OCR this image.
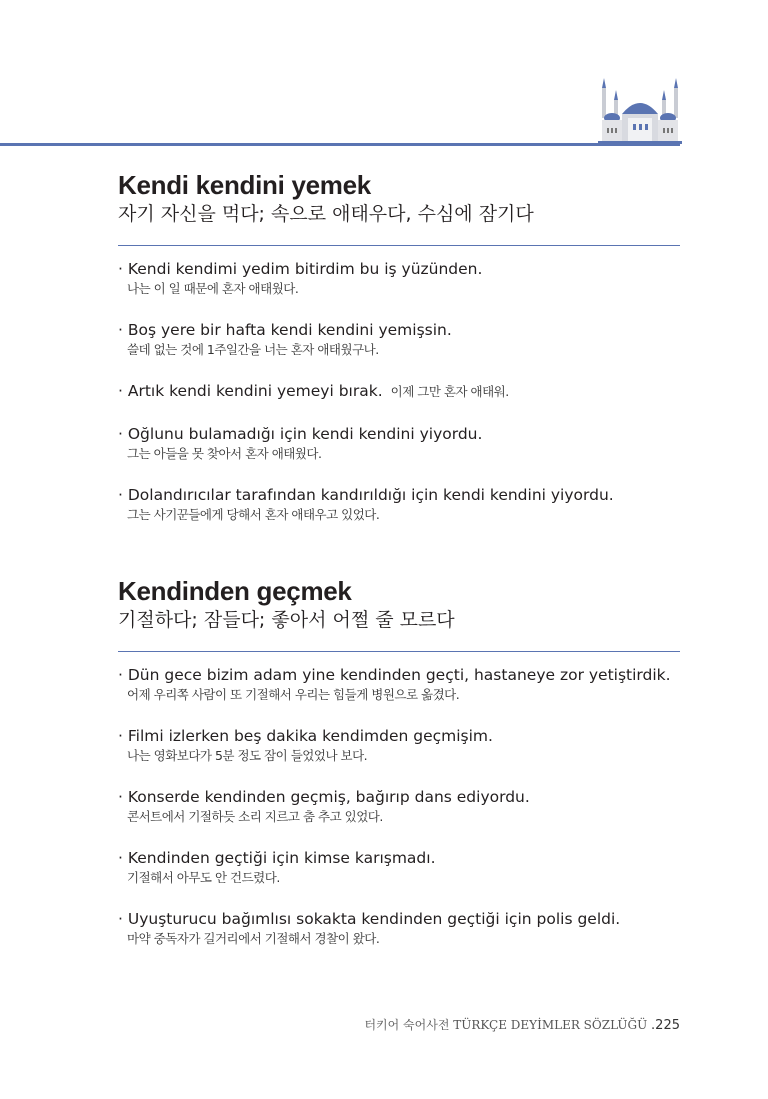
Kendi kendini yemek
자기 자신을 먹다; 속으로 애태우다, 수심에 잠기다
· Kendi kendimi yedim bitirdim bu iş yüzünden.
나는 이 일 때문에 혼자 애태웠다.
· Boş yere bir hafta kendi kendini yemişsin.
쓸데 없는 것에 1주일간을 너는 혼자 애태웠구나.
· Artık kendi kendini yemeyi bırak. 이제 그만 혼자 애태워.
· Oğlunu bulamadığı için kendi kendini yiyordu.
그는 아들을 못 찾아서 혼자 애태웠다.
· Dolandırıcılar tarafından kandırıldığı için kendi kendini yiyordu.
그는 사기꾼들에게 당해서 혼자 애태우고 있었다.
Kendinden geçmek
기절하다; 잠들다; 좋아서 어쩔 줄 모르다
· Dün gece bizim adam yine kendinden geçti, hastaneye zor yetiştirdik.
어제 우리쪽 사람이 또 기절해서 우리는 힘들게 병원으로 옮겼다.
· Filmi izlerken beş dakika kendimden geçmişim.
나는 영화보다가 5분 정도 잠이 들었었나 보다.
· Konserde kendinden geçmiş, bağırıp dans ediyordu.
콘서트에서 기절하듯 소리 지르고 춤 추고 있었다.
· Kendinden geçtiği için kimse karışmadı.
기절해서 아무도 안 건드렸다.
· Uyuşturucu bağımlısı sokakta kendinden geçtiği için polis geldi.
마약 중독자가 길거리에서 기절해서 경찰이 왔다.
터키어 숙어사전 TÜRKÇE DEYİMLER SÖZLÜĞÜ .225
